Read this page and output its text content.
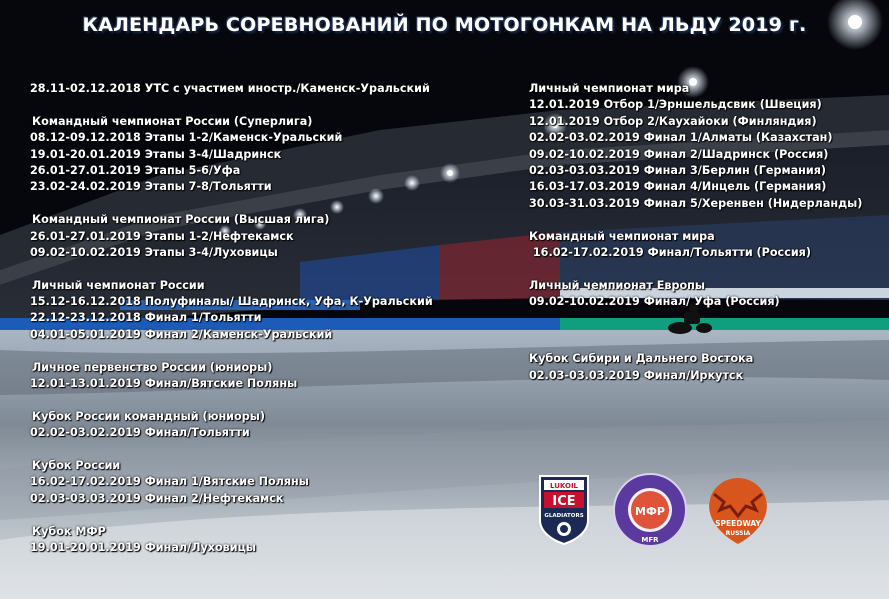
КАЛЕНДАРЬ СОРЕВНОВАНИЙ ПО МОТОГОНКАМ НА ЛЬДУ 2019 г.
28.11-02.12.2018 УТС с участием иностр./Каменск-Уральский
Командный чемпионат России (Суперлига)
08.12-09.12.2018 Этапы 1-2/Каменск-Уральский
19.01-20.01.2019 Этапы 3-4/Шадринск
26.01-27.01.2019 Этапы 5-6/Уфа
23.02-24.02.2019 Этапы 7-8/Тольятти
Командный чемпионат России (Высшая лига)
26.01-27.01.2019 Этапы 1-2/Нефтекамск
09.02-10.02.2019 Этапы 3-4/Луховицы
Личный чемпионат России
15.12-16.12.2018 Полуфиналы/ Шадринск, Уфа, К-Уральский
22.12-23.12.2018 Финал 1/Тольятти
04.01-05.01.2019 Финал 2/Каменск-Уральский
Личное первенство России (юниоры)
12.01-13.01.2019 Финал/Вятские Поляны
Кубок России командный (юниоры)
02.02-03.02.2019 Финал/Тольятти
Кубок России
16.02-17.02.2019 Финал 1/Вятские Поляны
02.03-03.03.2019 Финал 2/Нефтекамск
Кубок МФР
19.01-20.01.2019 Финал/Луховицы
Личный чемпионат мира
12.01.2019 Отбор 1/Эрншельдсвик (Швеция)
12.01.2019 Отбор 2/Каухайоки (Финляндия)
02.02-03.02.2019 Финал 1/Алматы (Казахстан)
09.02-10.02.2019 Финал 2/Шадринск (Россия)
02.03-03.03.2019 Финал 3/Берлин (Германия)
16.03-17.03.2019 Финал 4/Инцель (Германия)
30.03-31.03.2019 Финал 5/Херенвен (Нидерланды)
Командный чемпионат мира
16.02-17.02.2019 Финал/Тольятти (Россия)
Личный чемпионат Европы
09.02-10.02.2019 Финал/ Уфа (Россия)
Кубок Сибири и Дальнего Востока
02.03-03.03.2019 Финал/Иркутск
LUKOIL
ICE
GLADIATORS	МФР
MFR
SPEEDWAY
RUSSIA
